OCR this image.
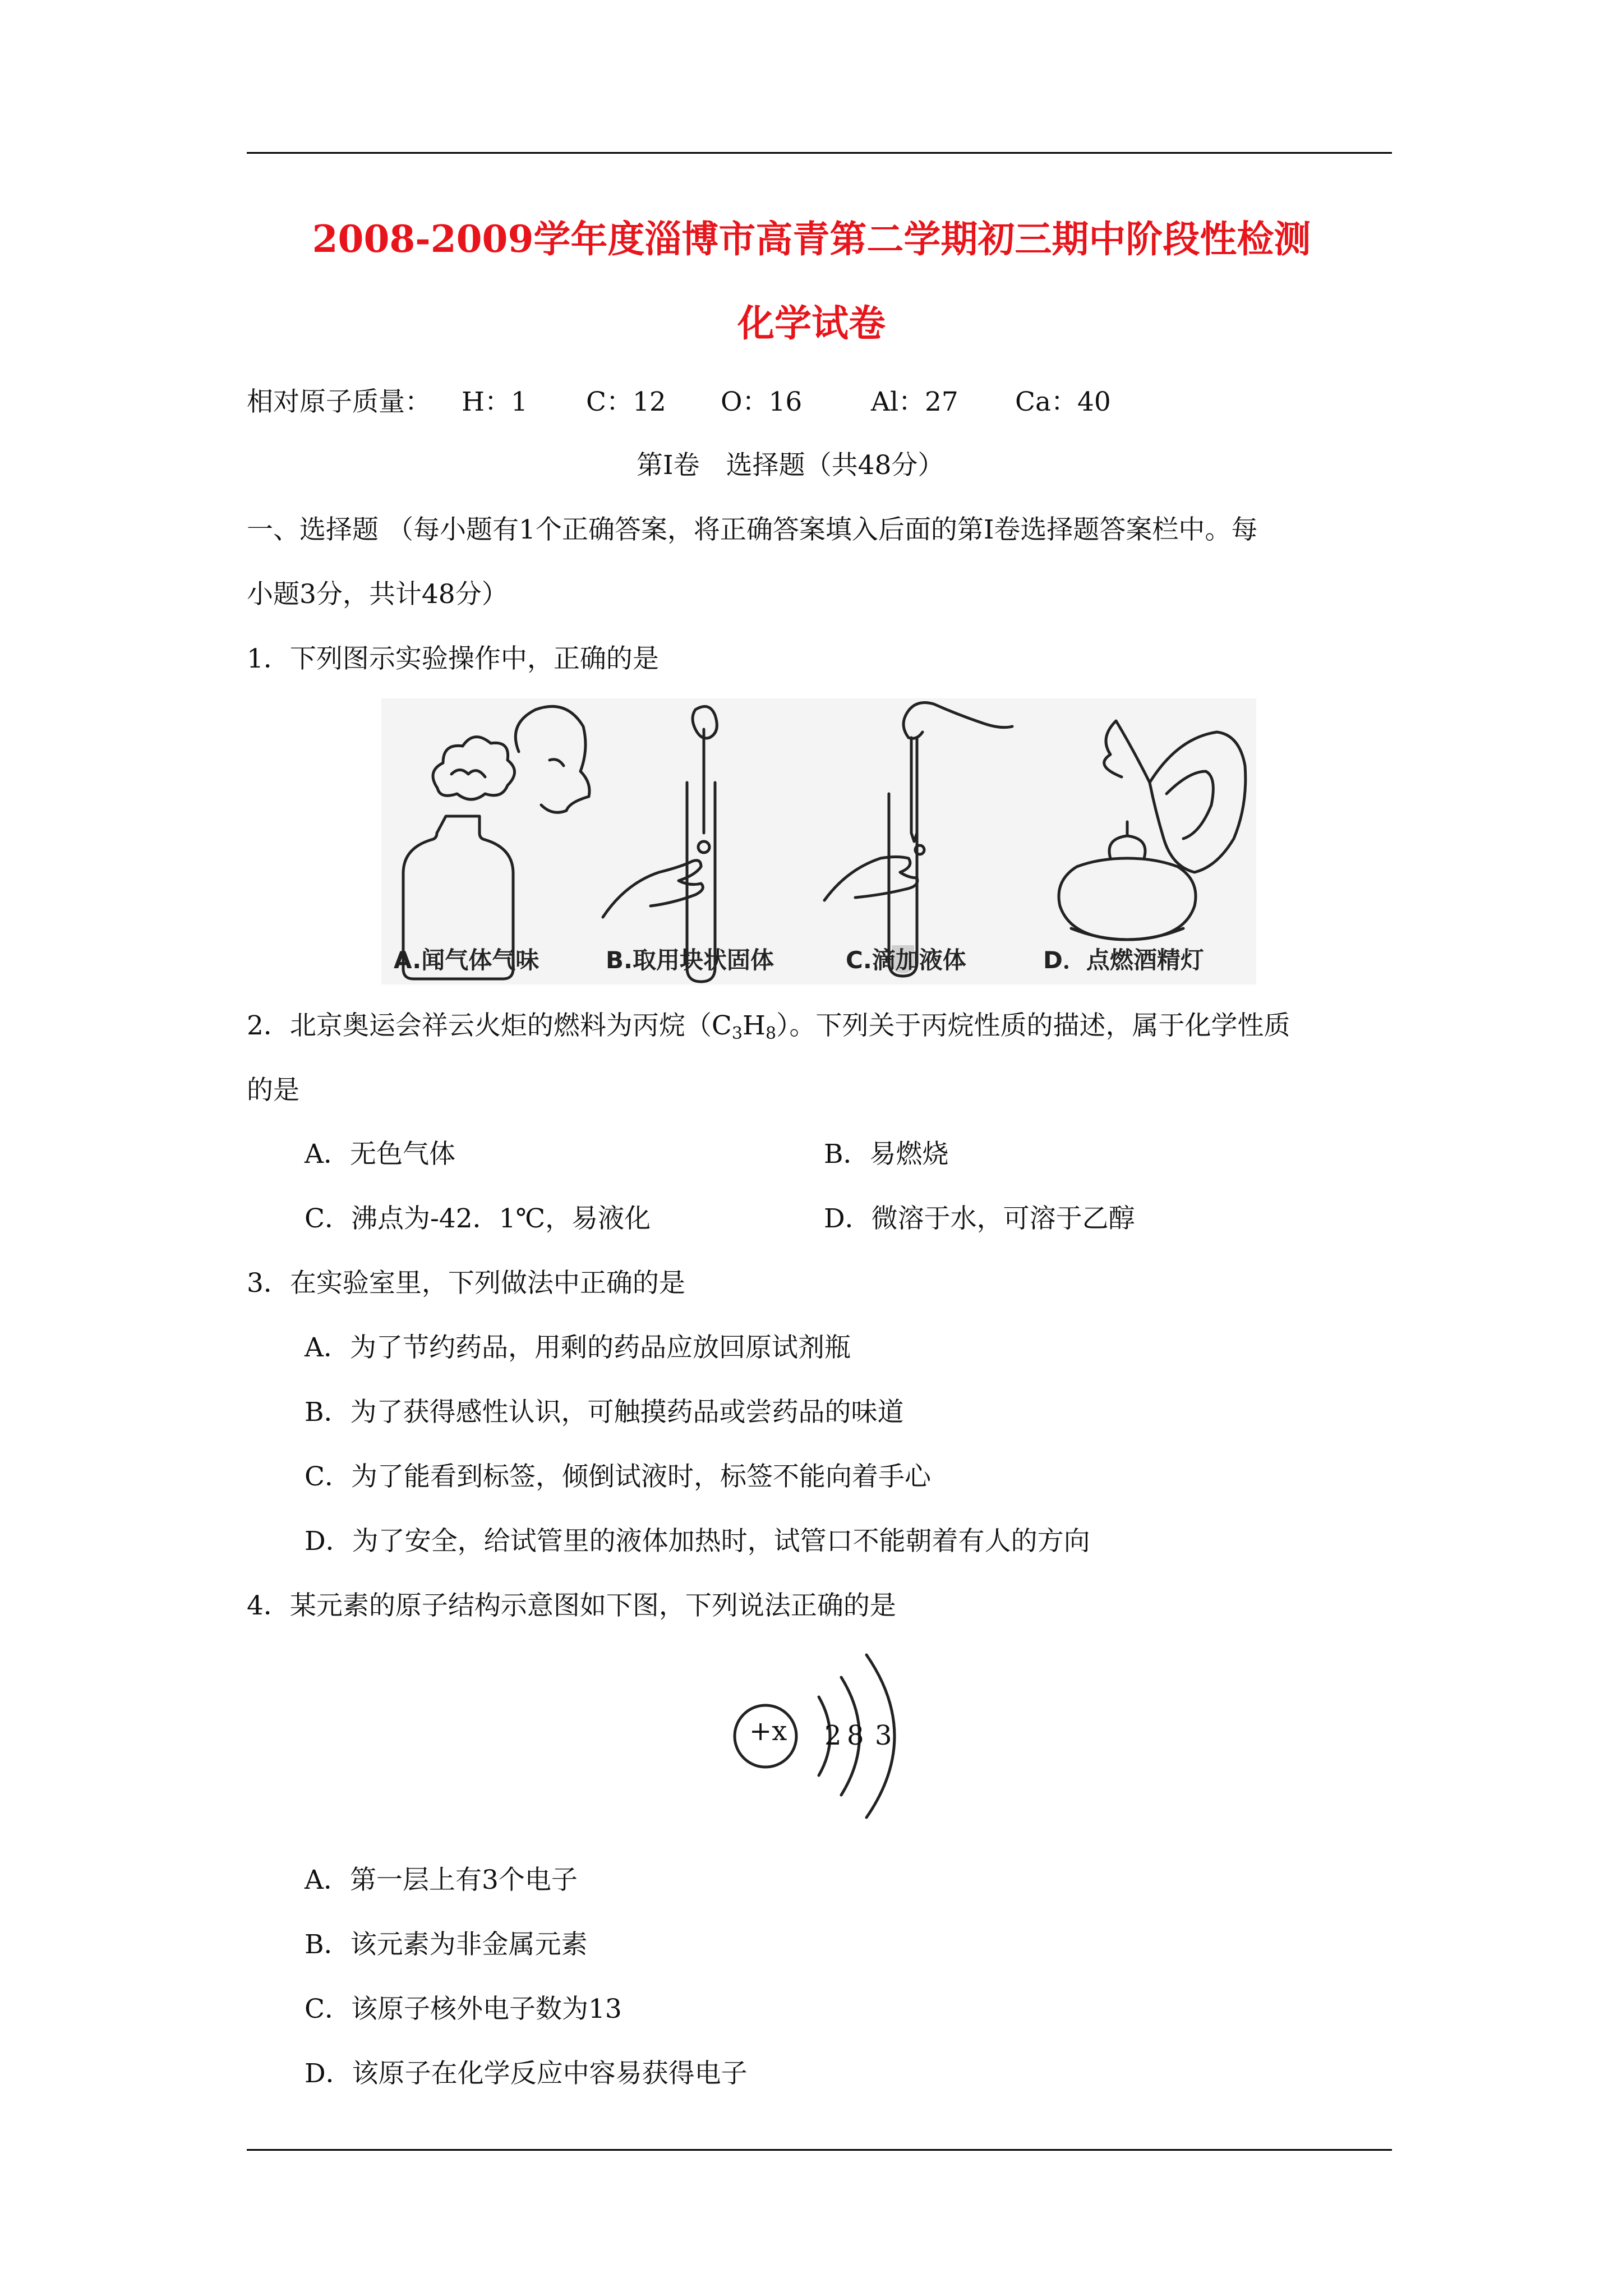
2008-2009学年度淄博市高青第二学期初三期中阶段性检测
化学试卷
相对原子质量： H：1 C：12 O：16	Al：27 Ca：40
第Ⅰ卷　选择题（共48分）
一、选择题 （每小题有1个正确答案，将正确答案填入后面的第Ⅰ卷选择题答案栏中。每
小题3分，共计48分）
1．下列图示实验操作中，正确的是
A.闻气体气味	B.取用块状固体	C.滴加液体	D．点燃酒精灯
2．北京奥运会祥云火炬的燃料为丙烷$(C_3H_8)$。下列关于丙烷性质的描述，属于化学性质
的是
A．无色气体	B．易燃烧
C．沸点为-42．1℃，易液化	D．微溶于水，可溶于乙醇
3．在实验室里，下列做法中正确的是
A．为了节约药品，用剩的药品应放回原试剂瓶
B．为了获得感性认识，可触摸药品或尝药品的味道
C．为了能看到标签，倾倒试液时，标签不能向着手心
D．为了安全，给试管里的液体加热时，试管口不能朝着有人的方向
4．某元素的原子结构示意图如下图，下列说法正确的是
+x 2 8 3
A．第一层上有3个电子
B．该元素为非金属元素
C．该原子核外电子数为13
D．该原子在化学反应中容易获得电子
